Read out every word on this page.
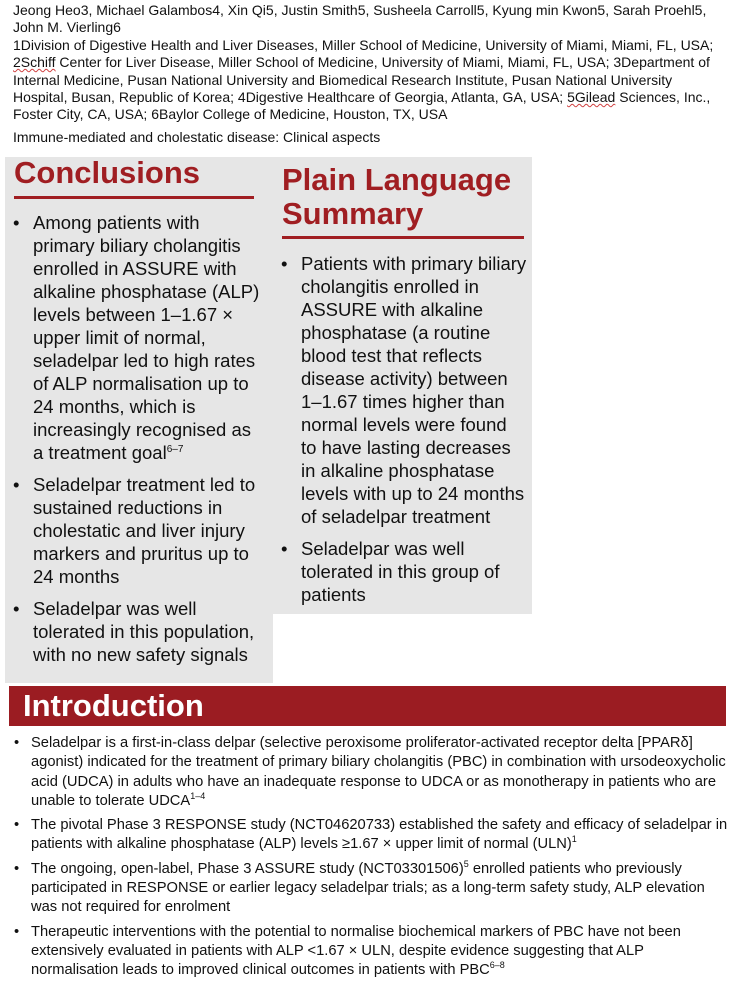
Jeong Heo3, Michael Galambos4, Xin Qi5, Justin Smith5, Susheela Carroll5, Kyung min Kwon5, Sarah Proehl5, John M. Vierling6
1Division of Digestive Health and Liver Diseases, Miller School of Medicine, University of Miami, Miami, FL, USA; 2Schiff Center for Liver Disease, Miller School of Medicine, University of Miami, Miami, FL, USA; 3Department of Internal Medicine, Pusan National University and Biomedical Research Institute, Pusan National University Hospital, Busan, Republic of Korea; 4Digestive Healthcare of Georgia, Atlanta, GA, USA; 5Gilead Sciences, Inc., Foster City, CA, USA; 6Baylor College of Medicine, Houston, TX, USA
Immune-mediated and cholestatic disease: Clinical aspects
Conclusions
• Among patients with primary biliary cholangitis enrolled in ASSURE with alkaline phosphatase (ALP) levels between 1–1.67 × upper limit of normal, seladelpar led to high rates of ALP normalisation up to 24 months, which is increasingly recognised as a treatment goal$^{6-7}$
• Seladelpar treatment led to sustained reductions in cholestatic and liver injury markers and pruritus up to 24 months
• Seladelpar was well tolerated in this population, with no new safety signals
Plain Language
Summary
• Patients with primary biliary cholangitis enrolled in ASSURE with alkaline phosphatase (a routine blood test that reflects disease activity) between 1–1.67 times higher than normal levels were found to have lasting decreases in alkaline phosphatase levels with up to 24 months of seladelpar treatment
• Seladelpar was well tolerated in this group of patients
Introduction
• Seladelpar is a first-in-class delpar (selective peroxisome proliferator-activated receptor delta [PPARδ] agonist) indicated for the treatment of primary biliary cholangitis (PBC) in combination with ursodeoxycholic acid (UDCA) in adults who have an inadequate response to UDCA or as monotherapy in patients who are unable to tolerate UDCA$^{1-4}$
• The pivotal Phase 3 RESPONSE study (NCT04620733) established the safety and efficacy of seladelpar in patients with alkaline phosphatase (ALP) levels ≥1.67 × upper limit of normal (ULN)$^1$
• The ongoing, open-label, Phase 3 ASSURE study $(NCT03301506)^5$ enrolled patients who previously participated in RESPONSE or earlier legacy seladelpar trials; as a long-term safety study, ALP elevation was not required for enrolment
• Therapeutic interventions with the potential to normalise biochemical markers of PBC have not been extensively evaluated in patients with ALP <1.67 × ULN, despite evidence suggesting that ALP normalisation leads to improved clinical outcomes in patients with PBC$^{6-8}$
